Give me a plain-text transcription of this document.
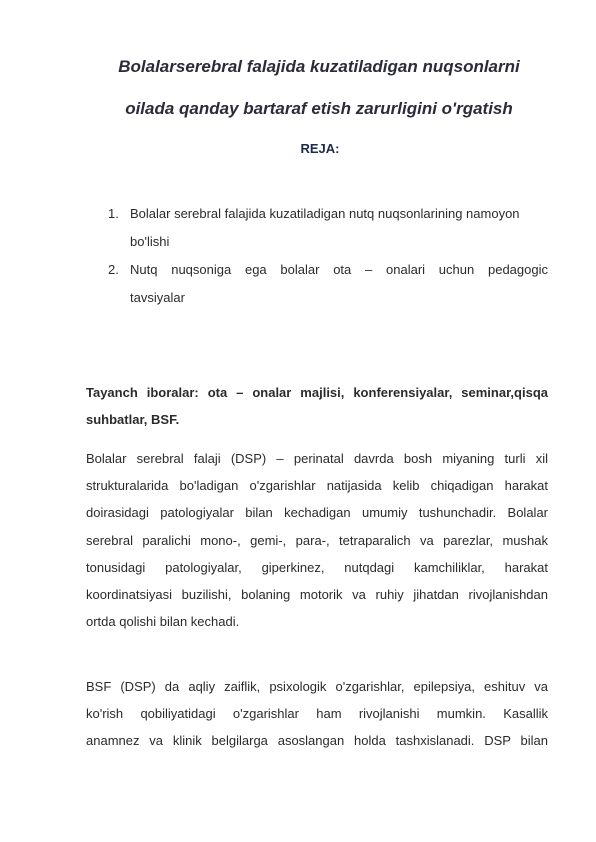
Bolalarserebral falajida kuzatiladigan nuqsonlarni
oilada qanday bartaraf etish zarurligini o'rgatish
REJA:
1. Bolalar serebral falajida kuzatiladigan nutq nuqsonlarining namoyon
bo'lishi
2. Nutq nuqsoniga ega bolalar ota – onalari uchun pedagogic
tavsiyalar

Tayanch iboralar: ota – onalar majlisi, konferensiyalar, seminar,qisqa
suhbatlar, BSF.

Bolalar serebral falaji (DSP) – perinatal davrda bosh miyaning turli xil
strukturalarida bo'ladigan o'zgarishlar natijasida kelib chiqadigan harakat
doirasidagi patologiyalar bilan kechadigan umumiy tushunchadir. Bolalar
serebral paralichi mono-, gemi-, para-, tetraparalich va parezlar, mushak
tonusidagi patologiyalar, giperkinez, nutqdagi kamchiliklar, harakat
koordinatsiyasi buzilishi, bolaning motorik va ruhiy jihatdan rivojlanishdan
ortda qolishi bilan kechadi.

BSF (DSP) da aqliy zaiflik, psixologik o'zgarishlar, epilepsiya, eshituv va
ko'rish qobiliyatidagi o'zgarishlar ham rivojlanishi mumkin. Kasallik
anamnez va klinik belgilarga asoslangan holda tashxislanadi. DSP bilan
